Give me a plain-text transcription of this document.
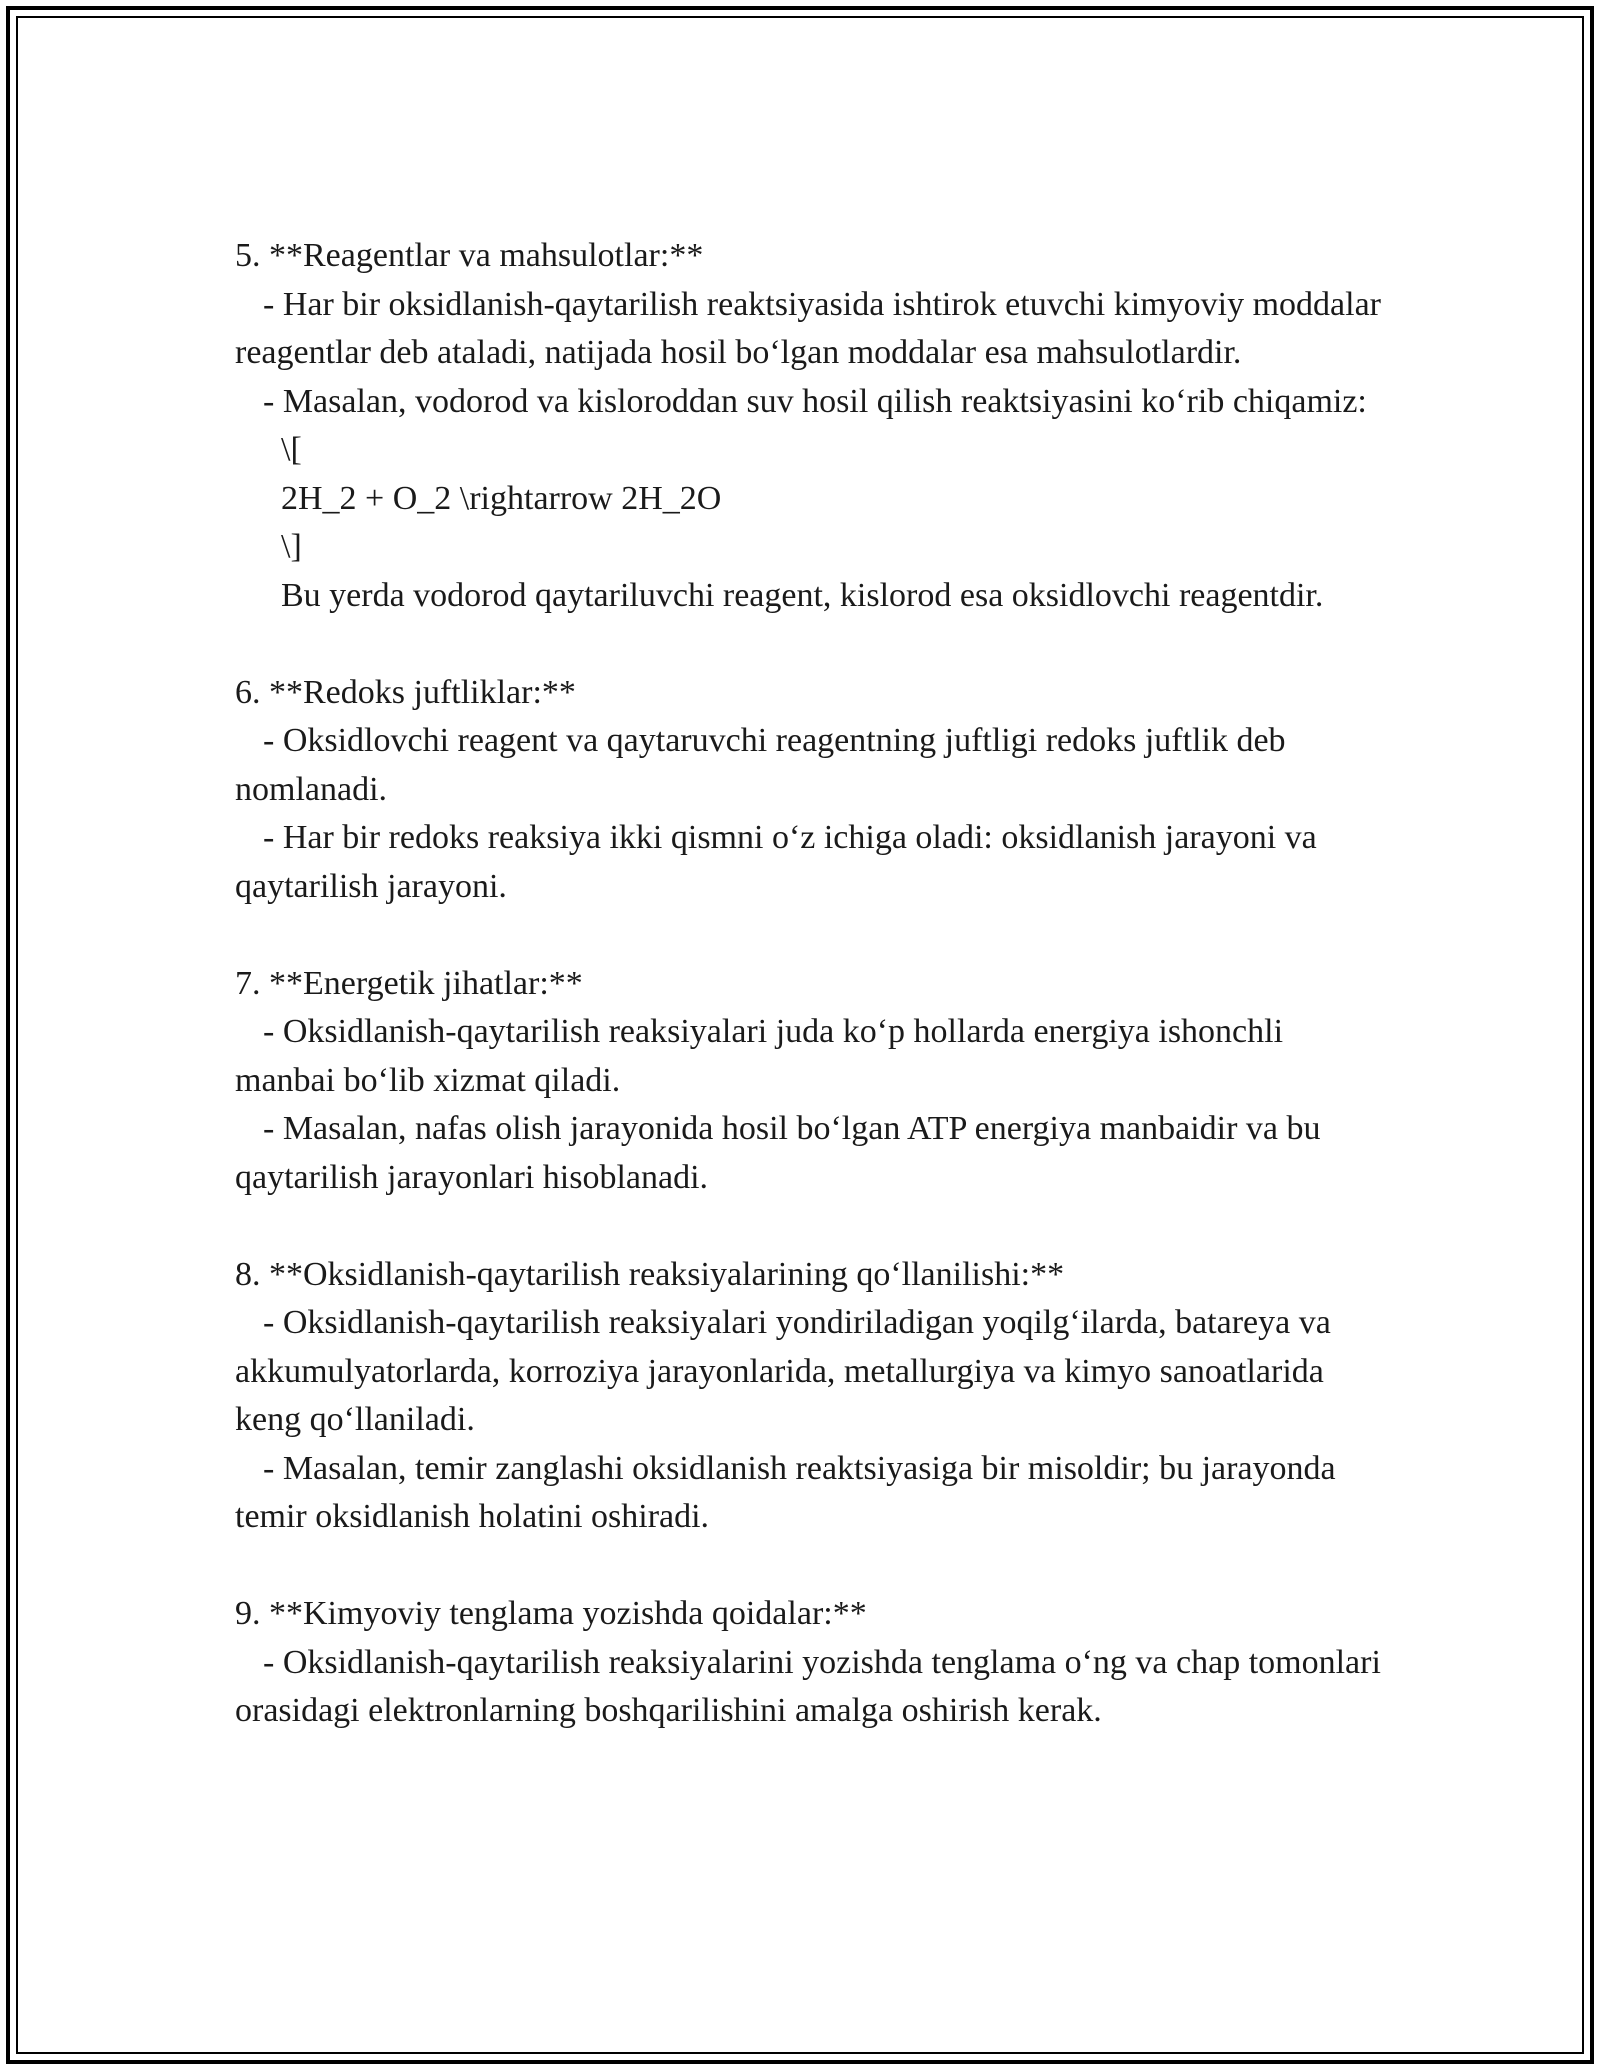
5. **Reagentlar va mahsulotlar:**

- Har bir oksidlanish-qaytarilish reaktsiyasida ishtirok etuvchi kimyoviy moddalar reagentlar deb ataladi, natijada hosil bo‘lgan moddalar esa mahsulotlardir.

- Masalan, vodorod va kisloroddan suv hosil qilish reaktsiyasini ko‘rib chiqamiz:

\[

2H_2 + O_2 \rightarrow 2H_2O

\]

Bu yerda vodorod qaytariluvchi reagent, kislorod esa oksidlovchi reagentdir.

6. **Redoks juftliklar:**

- Oksidlovchi reagent va qaytaruvchi reagentning juftligi redoks juftlik deb nomlanadi.

- Har bir redoks reaksiya ikki qismni o‘z ichiga oladi: oksidlanish jarayoni va qaytarilish jarayoni.

7. **Energetik jihatlar:**

- Oksidlanish-qaytarilish reaksiyalari juda ko‘p hollarda energiya ishonchli manbai bo‘lib xizmat qiladi.

- Masalan, nafas olish jarayonida hosil bo‘lgan ATP energiya manbaidir va bu qaytarilish jarayonlari hisoblanadi.

8. **Oksidlanish-qaytarilish reaksiyalarining qo‘llanilishi:**

- Oksidlanish-qaytarilish reaksiyalari yondiriladigan yoqilg‘ilarda, batareya va akkumulyatorlarda, korroziya jarayonlarida, metallurgiya va kimyo sanoatlarida keng qo‘llaniladi.

- Masalan, temir zanglashi oksidlanish reaktsiyasiga bir misoldir; bu jarayonda temir oksidlanish holatini oshiradi.

9. **Kimyoviy tenglama yozishda qoidalar:**

- Oksidlanish-qaytarilish reaksiyalarini yozishda tenglama o‘ng va chap tomonlari orasidagi elektronlarning boshqarilishini amalga oshirish kerak.
